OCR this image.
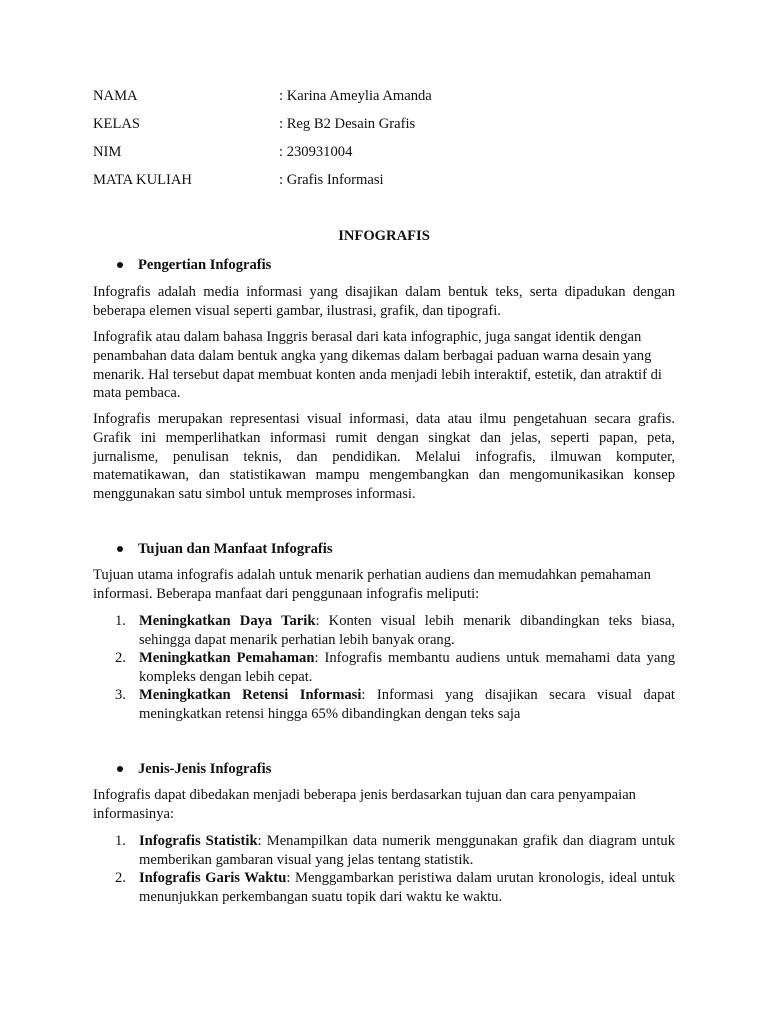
NAMA	: Karina Ameylia Amanda
KELAS	: Reg B2 Desain Grafis
NIM	: 230931004
MATA KULIAH	: Grafis Informasi
INFOGRAFIS
Pengertian Infografis

Infografis adalah media informasi yang disajikan dalam bentuk teks, serta dipadukan dengan beberapa elemen visual seperti gambar, ilustrasi, grafik, dan tipografi.

Infografik atau dalam bahasa Inggris berasal dari kata infographic, juga sangat identik dengan penambahan data dalam bentuk angka yang dikemas dalam berbagai paduan warna desain yang menarik. Hal tersebut dapat membuat konten anda menjadi lebih interaktif, estetik, dan atraktif di mata pembaca.

Infografis merupakan representasi visual informasi, data atau ilmu pengetahuan secara grafis. Grafik ini memperlihatkan informasi rumit dengan singkat dan jelas, seperti papan, peta, jurnalisme, penulisan teknis, dan pendidikan. Melalui infografis, ilmuwan komputer, matematikawan, dan statistikawan mampu mengembangkan dan mengomunikasikan konsep menggunakan satu simbol untuk memproses informasi.

Tujuan dan Manfaat Infografis

Tujuan utama infografis adalah untuk menarik perhatian audiens dan memudahkan pemahaman informasi. Beberapa manfaat dari penggunaan infografis meliputi:

1. Meningkatkan Daya Tarik: Konten visual lebih menarik dibandingkan teks biasa, sehingga dapat menarik perhatian lebih banyak orang.

2. Meningkatkan Pemahaman: Infografis membantu audiens untuk memahami data yang kompleks dengan lebih cepat.

3. Meningkatkan Retensi Informasi: Informasi yang disajikan secara visual dapat meningkatkan retensi hingga 65% dibandingkan dengan teks saja

Jenis-Jenis Infografis

Infografis dapat dibedakan menjadi beberapa jenis berdasarkan tujuan dan cara penyampaian informasinya:

1. Infografis Statistik: Menampilkan data numerik menggunakan grafik dan diagram untuk memberikan gambaran visual yang jelas tentang statistik.

2. Infografis Garis Waktu: Menggambarkan peristiwa dalam urutan kronologis, ideal untuk menunjukkan perkembangan suatu topik dari waktu ke waktu.
